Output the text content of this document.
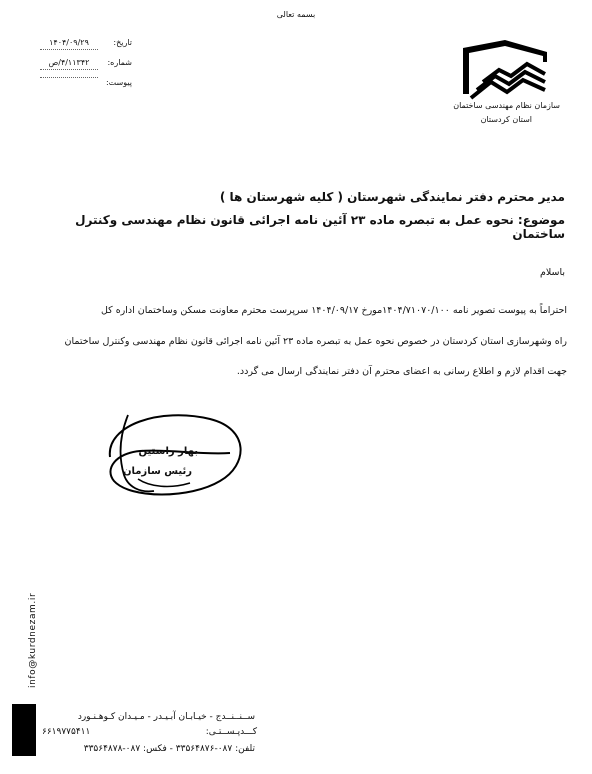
بسمه تعالی
تاریخ:
۱۴۰۴/۰۹/۲۹
شماره:
۴/۱۱۳۴۲/ص
پیوست:
سازمان نظام مهندسی ساختمان
استان کردستان
مدیر محترم دفتر نمایندگی شهرستان ( کلیه شهرستان ها )
موضوع: نحوه عمل به تبصره ماده ۲۳ آئین نامه اجرائی قانون نظام مهندسی وکنترل ساختمان
باسلام
احتراماً به پیوست تصویر نامه ۱۴۰۴/۷۱۰۷۰/۱۰۰مورخ ۱۴۰۴/۰۹/۱۷ سرپرست محترم معاونت مسکن وساختمان اداره کل
راه وشهرسازی استان کردستان در خصوص نحوه عمل به تبصره ماده ۲۳ آئین نامه اجرائی قانون نظام مهندسی وکنترل ساختمان
جهت اقدام لازم و اطلاع رسانی به اعضای محترم آن دفتر نمایندگی ارسال می گردد.
بهار راستین
رئیس سازمان
info@kurdnezam.ir
ســنــنــدج - خیـابـان آبـیـدر - مـیـدان کـوهـنـورد
کـــدپـســتـی:
۶۶۱۹۷۷۵۴۱۱
تلفن: ۰۸۷-۳۳۵۶۴۸۷۶ - فکس: ۰۸۷-۳۳۵۶۴۸۷۸
